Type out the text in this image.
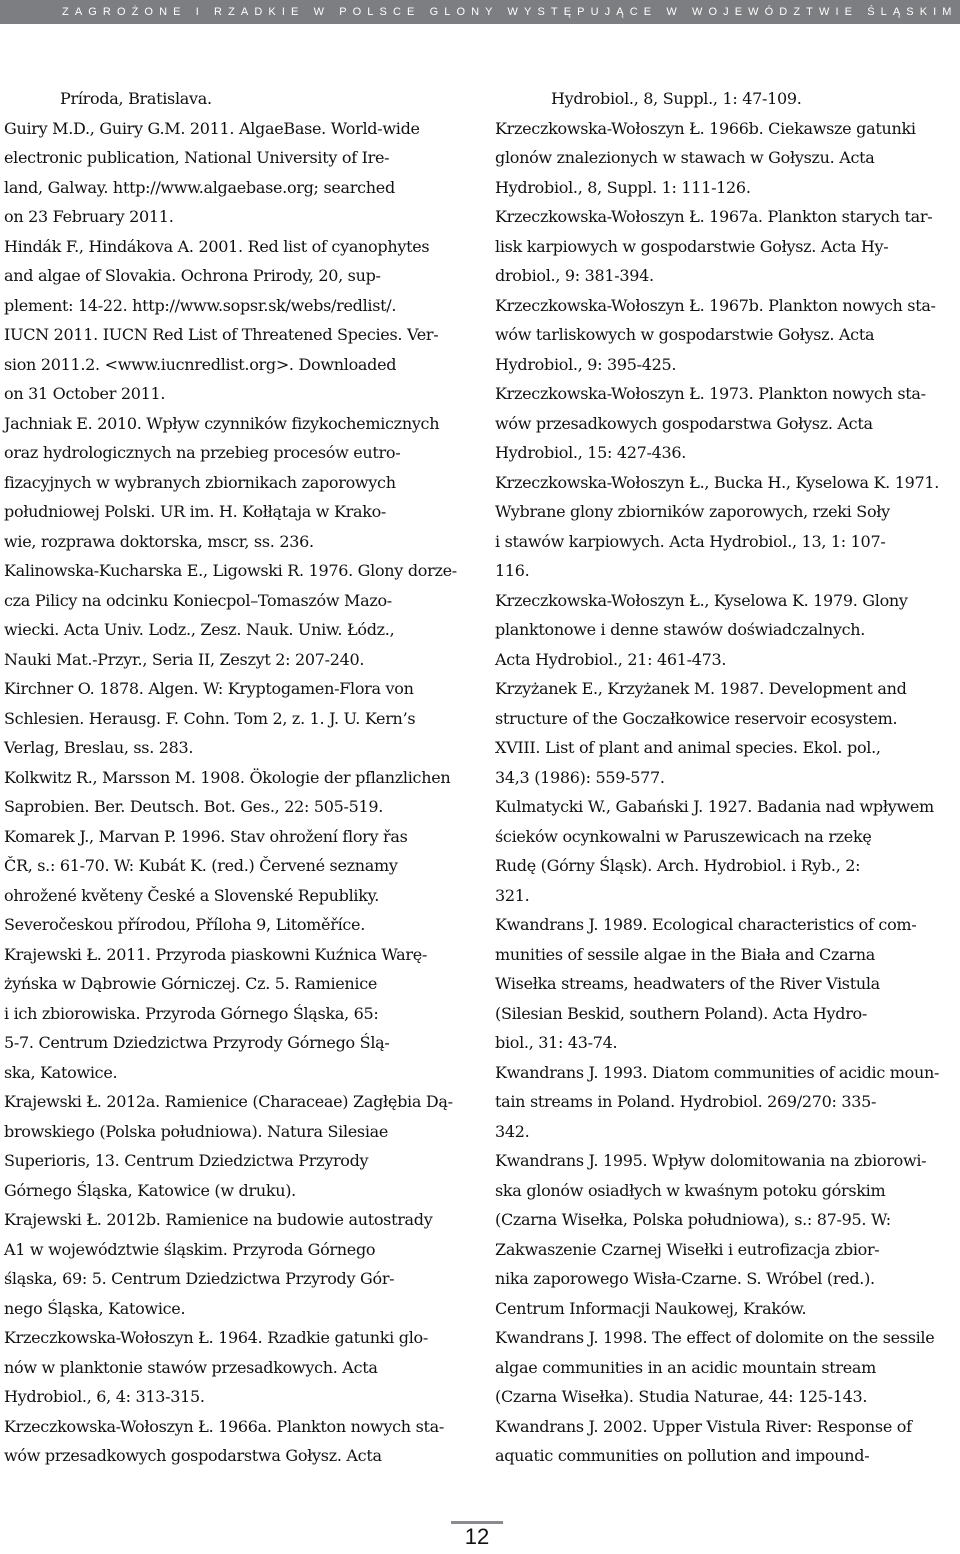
ZAGROŻONE I RZADKIE W POLSCE GLONY WYSTĘPUJĄCE W WOJEWÓDZTWIE ŚLĄSKIM

Príroda, Bratislava.

Guiry M.D., Guiry G.M. 2011. AlgaeBase. World-wide
electronic publication, National University of Ire-
land, Galway. http://www.algaebase.org; searched
on 23 February 2011.

Hindák F., Hindákova A. 2001. Red list of cyanophytes
and algae of Slovakia. Ochrona Prirody, 20, sup-
plement: 14-22. http://www.sopsr.sk/webs/redlist/.

IUCN 2011. IUCN Red List of Threatened Species. Ver-
sion 2011.2. <www.iucnredlist.org>. Downloaded
on 31 October 2011.

Jachniak E. 2010. Wpływ czynników fizykochemicznych
oraz hydrologicznych na przebieg procesów eutro-
fizacyjnych w wybranych zbiornikach zaporowych
południowej Polski. UR im. H. Kołłątaja w Krako-
wie, rozprawa doktorska, mscr, ss. 236.

Kalinowska-Kucharska E., Ligowski R. 1976. Glony dorze-
cza Pilicy na odcinku Koniecpol–Tomaszów Mazo-
wiecki. Acta Univ. Lodz., Zesz. Nauk. Uniw. Łódz.,
Nauki Mat.-Przyr., Seria II, Zeszyt 2: 207-240.

Kirchner O. 1878. Algen. W: Kryptogamen-Flora von
Schlesien. Herausg. F. Cohn. Tom 2, z. 1. J. U. Kern’s
Verlag, Breslau, ss. 283.

Kolkwitz R., Marsson M. 1908. Ökologie der pflanzlichen
Saprobien. Ber. Deutsch. Bot. Ges., 22: 505-519.

Komarek J., Marvan P. 1996. Stav ohrožení flory řas
ČR, s.: 61-70. W: Kubát K. (red.) Červené seznamy
ohrožené květeny České a Slovenské Republiky.
Severočeskou přírodou, Příloha 9, Litoměříce.

Krajewski Ł. 2011. Przyroda piaskowni Kuźnica Warę-
żyńska w Dąbrowie Górniczej. Cz. 5. Ramienice
i ich zbiorowiska. Przyroda Górnego Śląska, 65:
5-7. Centrum Dziedzictwa Przyrody Górnego Ślą-
ska, Katowice.

Krajewski Ł. 2012a. Ramienice (Characeae) Zagłębia Dą-
browskiego (Polska południowa). Natura Silesiae
Superioris, 13. Centrum Dziedzictwa Przyrody
Górnego Śląska, Katowice (w druku).

Krajewski Ł. 2012b. Ramienice na budowie autostrady
A1 w województwie śląskim. Przyroda Górnego
śląska, 69: 5. Centrum Dziedzictwa Przyrody Gór-
nego Śląska, Katowice.

Krzeczkowska-Wołoszyn Ł. 1964. Rzadkie gatunki glo-
nów w planktonie stawów przesadkowych. Acta
Hydrobiol., 6, 4: 313-315.

Krzeczkowska-Wołoszyn Ł. 1966a. Plankton nowych sta-
wów przesadkowych gospodarstwa Gołysz. Acta

Hydrobiol., 8, Suppl., 1: 47-109.

Krzeczkowska-Wołoszyn Ł. 1966b. Ciekawsze gatunki
glonów znalezionych w stawach w Gołyszu. Acta
Hydrobiol., 8, Suppl. 1: 111-126.

Krzeczkowska-Wołoszyn Ł. 1967a. Plankton starych tar-
lisk karpiowych w gospodarstwie Gołysz. Acta Hy-
drobiol., 9: 381-394.

Krzeczkowska-Wołoszyn Ł. 1967b. Plankton nowych sta-
wów tarliskowych w gospodarstwie Gołysz. Acta
Hydrobiol., 9: 395-425.

Krzeczkowska-Wołoszyn Ł. 1973. Plankton nowych sta-
wów przesadkowych gospodarstwa Gołysz. Acta
Hydrobiol., 15: 427-436.

Krzeczkowska-Wołoszyn Ł., Bucka H., Kyselowa K. 1971.
Wybrane glony zbiorników zaporowych, rzeki Soły
i stawów karpiowych. Acta Hydrobiol., 13, 1: 107-
116.

Krzeczkowska-Wołoszyn Ł., Kyselowa K. 1979. Glony
planktonowe i denne stawów doświadczalnych.
Acta Hydrobiol., 21: 461-473.

Krzyżanek E., Krzyżanek M. 1987. Development and
structure of the Goczałkowice reservoir ecosystem.
XVIII. List of plant and animal species. Ekol. pol.,
34,3 (1986): 559-577.

Kulmatycki W., Gabański J. 1927. Badania nad wpływem
ścieków ocynkowalni w Paruszewicach na rzekę
Rudę (Górny Śląsk). Arch. Hydrobiol. i Ryb., 2:
321.

Kwandrans J. 1989. Ecological characteristics of com-
munities of sessile algae in the Biała and Czarna
Wisełka streams, headwaters of the River Vistula
(Silesian Beskid, southern Poland). Acta Hydro-
biol., 31: 43-74.

Kwandrans J. 1993. Diatom communities of acidic moun-
tain streams in Poland. Hydrobiol. 269/270: 335-
342.

Kwandrans J. 1995. Wpływ dolomitowania na zbiorowi-
ska glonów osiadłych w kwaśnym potoku górskim
(Czarna Wisełka, Polska południowa), s.: 87-95. W:
Zakwaszenie Czarnej Wisełki i eutrofizacja zbior-
nika zaporowego Wisła-Czarne. S. Wróbel (red.).
Centrum Informacji Naukowej, Kraków.

Kwandrans J. 1998. The effect of dolomite on the sessile
algae communities in an acidic mountain stream
(Czarna Wisełka). Studia Naturae, 44: 125-143.

Kwandrans J. 2002. Upper Vistula River: Response of
aquatic communities on pollution and impound-

12
